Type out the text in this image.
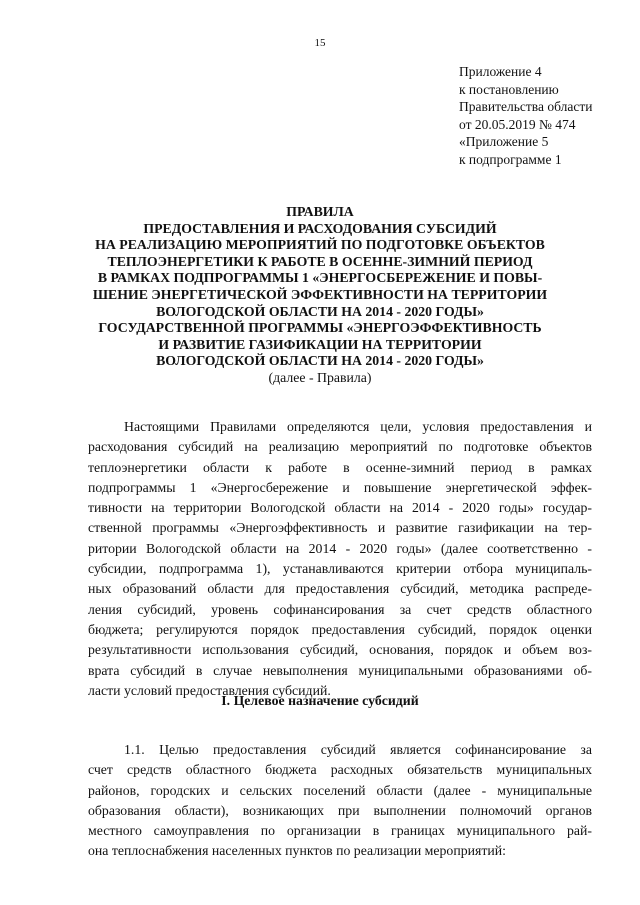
15
Приложение 4
к постановлению
Правительства области
от 20.05.2019 № 474
«Приложение 5
к подпрограмме 1
ПРАВИЛА
ПРЕДОСТАВЛЕНИЯ И РАСХОДОВАНИЯ СУБСИДИЙ
НА РЕАЛИЗАЦИЮ МЕРОПРИЯТИЙ ПО ПОДГОТОВКЕ ОБЪЕКТОВ
ТЕПЛОЭНЕРГЕТИКИ К РАБОТЕ В ОСЕННЕ-ЗИМНИЙ ПЕРИОД
В РАМКАХ ПОДПРОГРАММЫ 1 «ЭНЕРГОСБЕРЕЖЕНИЕ И ПОВЫ-
ШЕНИЕ ЭНЕРГЕТИЧЕСКОЙ ЭФФЕКТИВНОСТИ НА ТЕРРИТОРИИ
ВОЛОГОДСКОЙ ОБЛАСТИ НА 2014 - 2020 ГОДЫ»
ГОСУДАРСТВЕННОЙ ПРОГРАММЫ «ЭНЕРГОЭФФЕКТИВНОСТЬ
И РАЗВИТИЕ ГАЗИФИКАЦИИ НА ТЕРРИТОРИИ
ВОЛОГОДСКОЙ ОБЛАСТИ НА 2014 - 2020 ГОДЫ»
(далее - Правила)
Настоящими Правилами определяются цели, условия предоставления и
расходования субсидий на реализацию мероприятий по подготовке объектов
теплоэнергетики области к работе в осенне-зимний период в рамках
подпрограммы 1 «Энергосбережение и повышение энергетической эффек-
тивности на территории Вологодской области на 2014 - 2020 годы» государ-
ственной программы «Энергоэффективность и развитие газификации на тер-
ритории Вологодской области на 2014 - 2020 годы» (далее соответственно -
субсидии, подпрограмма 1), устанавливаются критерии отбора муниципаль-
ных образований области для предоставления субсидий, методика распреде-
ления субсидий, уровень софинансирования за счет средств областного
бюджета; регулируются порядок предоставления субсидий, порядок оценки
результативности использования субсидий, основания, порядок и объем воз-
врата субсидий в случае невыполнения муниципальными образованиями об-
ласти условий предоставления субсидий.
I. Целевое назначение субсидий
1.1. Целью предоставления субсидий является софинансирование за
счет средств областного бюджета расходных обязательств муниципальных
районов, городских и сельских поселений области (далее - муниципальные
образования области), возникающих при выполнении полномочий органов
местного самоуправления по организации в границах муниципального рай-
она теплоснабжения населенных пунктов по реализации мероприятий:
